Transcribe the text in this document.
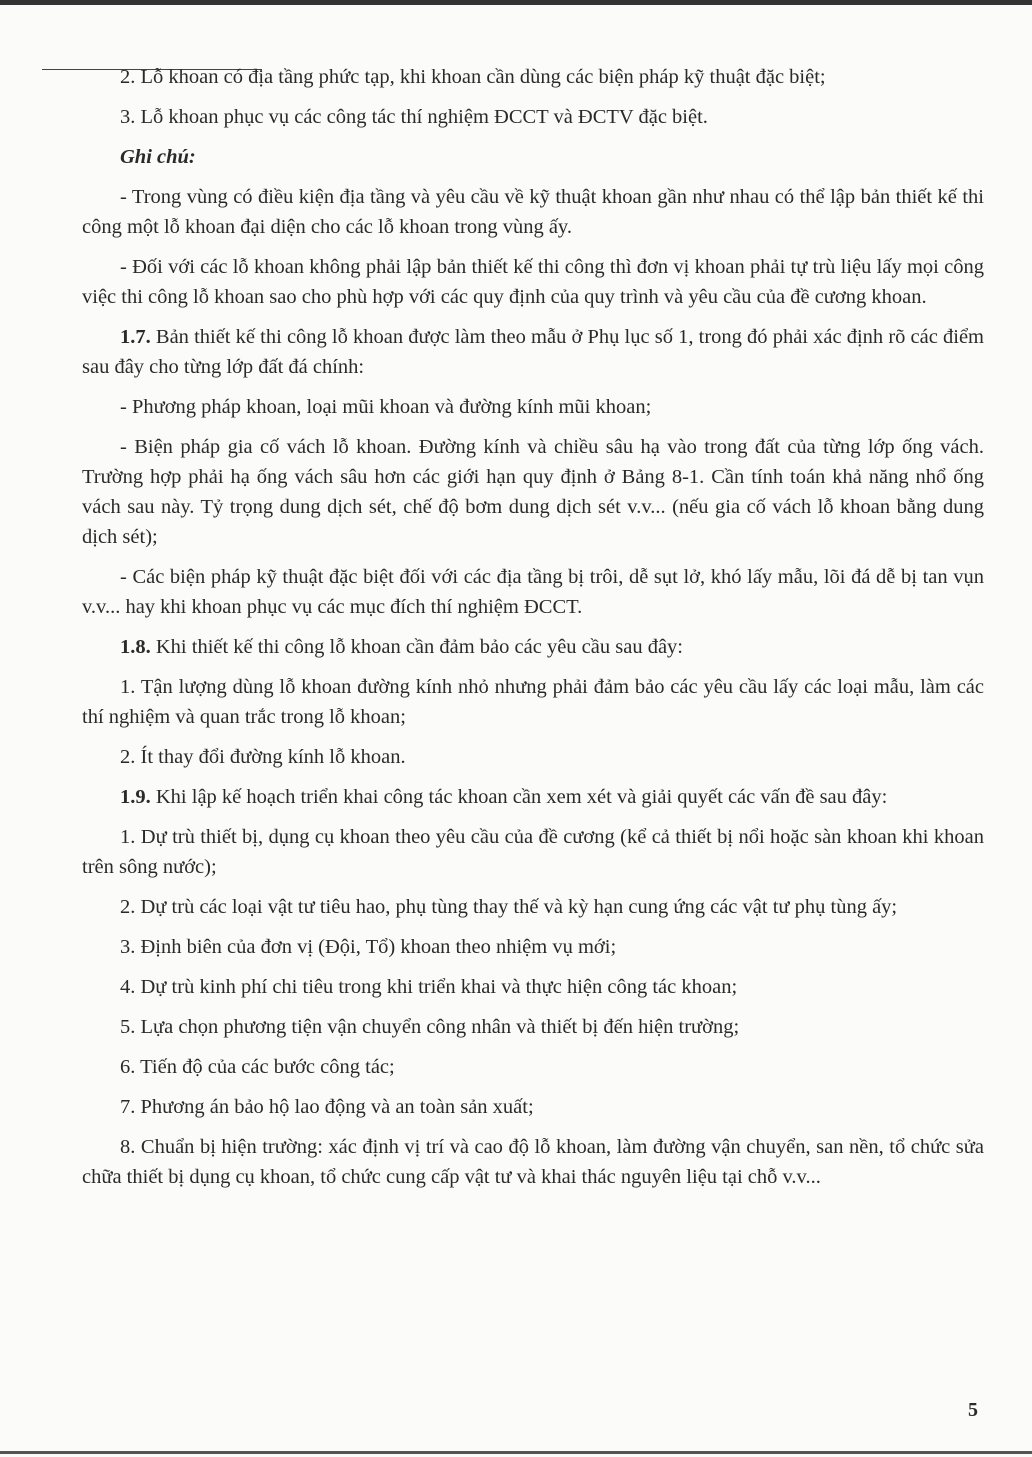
2. Lỗ khoan có địa tầng phức tạp, khi khoan cần dùng các biện pháp kỹ thuật đặc biệt;

3. Lỗ khoan phục vụ các công tác thí nghiệm ĐCCT và ĐCTV đặc biệt.

Ghi chú:

- Trong vùng có điều kiện địa tầng và yêu cầu về kỹ thuật khoan gần như nhau có thể lập bản thiết kế thi công một lỗ khoan đại diện cho các lỗ khoan trong vùng ấy.

- Đối với các lỗ khoan không phải lập bản thiết kế thi công thì đơn vị khoan phải tự trù liệu lấy mọi công việc thi công lỗ khoan sao cho phù hợp với các quy định của quy trình và yêu cầu của đề cương khoan.

1.7. Bản thiết kế thi công lỗ khoan được làm theo mẫu ở Phụ lục số 1, trong đó phải xác định rõ các điểm sau đây cho từng lớp đất đá chính:

- Phương pháp khoan, loại mũi khoan và đường kính mũi khoan;

- Biện pháp gia cố vách lỗ khoan. Đường kính và chiều sâu hạ vào trong đất của từng lớp ống vách. Trường hợp phải hạ ống vách sâu hơn các giới hạn quy định ở Bảng 8-1. Cần tính toán khả năng nhổ ống vách sau này. Tỷ trọng dung dịch sét, chế độ bơm dung dịch sét v.v... (nếu gia cố vách lỗ khoan bằng dung dịch sét);

- Các biện pháp kỹ thuật đặc biệt đối với các địa tầng bị trôi, dễ sụt lở, khó lấy mẫu, lõi đá dễ bị tan vụn v.v... hay khi khoan phục vụ các mục đích thí nghiệm ĐCCT.

1.8. Khi thiết kế thi công lỗ khoan cần đảm bảo các yêu cầu sau đây:

1. Tận lượng dùng lỗ khoan đường kính nhỏ nhưng phải đảm bảo các yêu cầu lấy các loại mẫu, làm các thí nghiệm và quan trắc trong lỗ khoan;

2. Ít thay đổi đường kính lỗ khoan.

1.9. Khi lập kế hoạch triển khai công tác khoan cần xem xét và giải quyết các vấn đề sau đây:

1. Dự trù thiết bị, dụng cụ khoan theo yêu cầu của đề cương (kể cả thiết bị nổi hoặc sàn khoan khi khoan trên sông nước);

2. Dự trù các loại vật tư tiêu hao, phụ tùng thay thế và kỳ hạn cung ứng các vật tư phụ tùng ấy;

3. Định biên của đơn vị (Đội, Tổ) khoan theo nhiệm vụ mới;

4. Dự trù kinh phí chi tiêu trong khi triển khai và thực hiện công tác khoan;

5. Lựa chọn phương tiện vận chuyển công nhân và thiết bị đến hiện trường;

6. Tiến độ của các bước công tác;

7. Phương án bảo hộ lao động và an toàn sản xuất;

8. Chuẩn bị hiện trường: xác định vị trí và cao độ lỗ khoan, làm đường vận chuyển, san nền, tổ chức sửa chữa thiết bị dụng cụ khoan, tổ chức cung cấp vật tư và khai thác nguyên liệu tại chỗ v.v...

5
